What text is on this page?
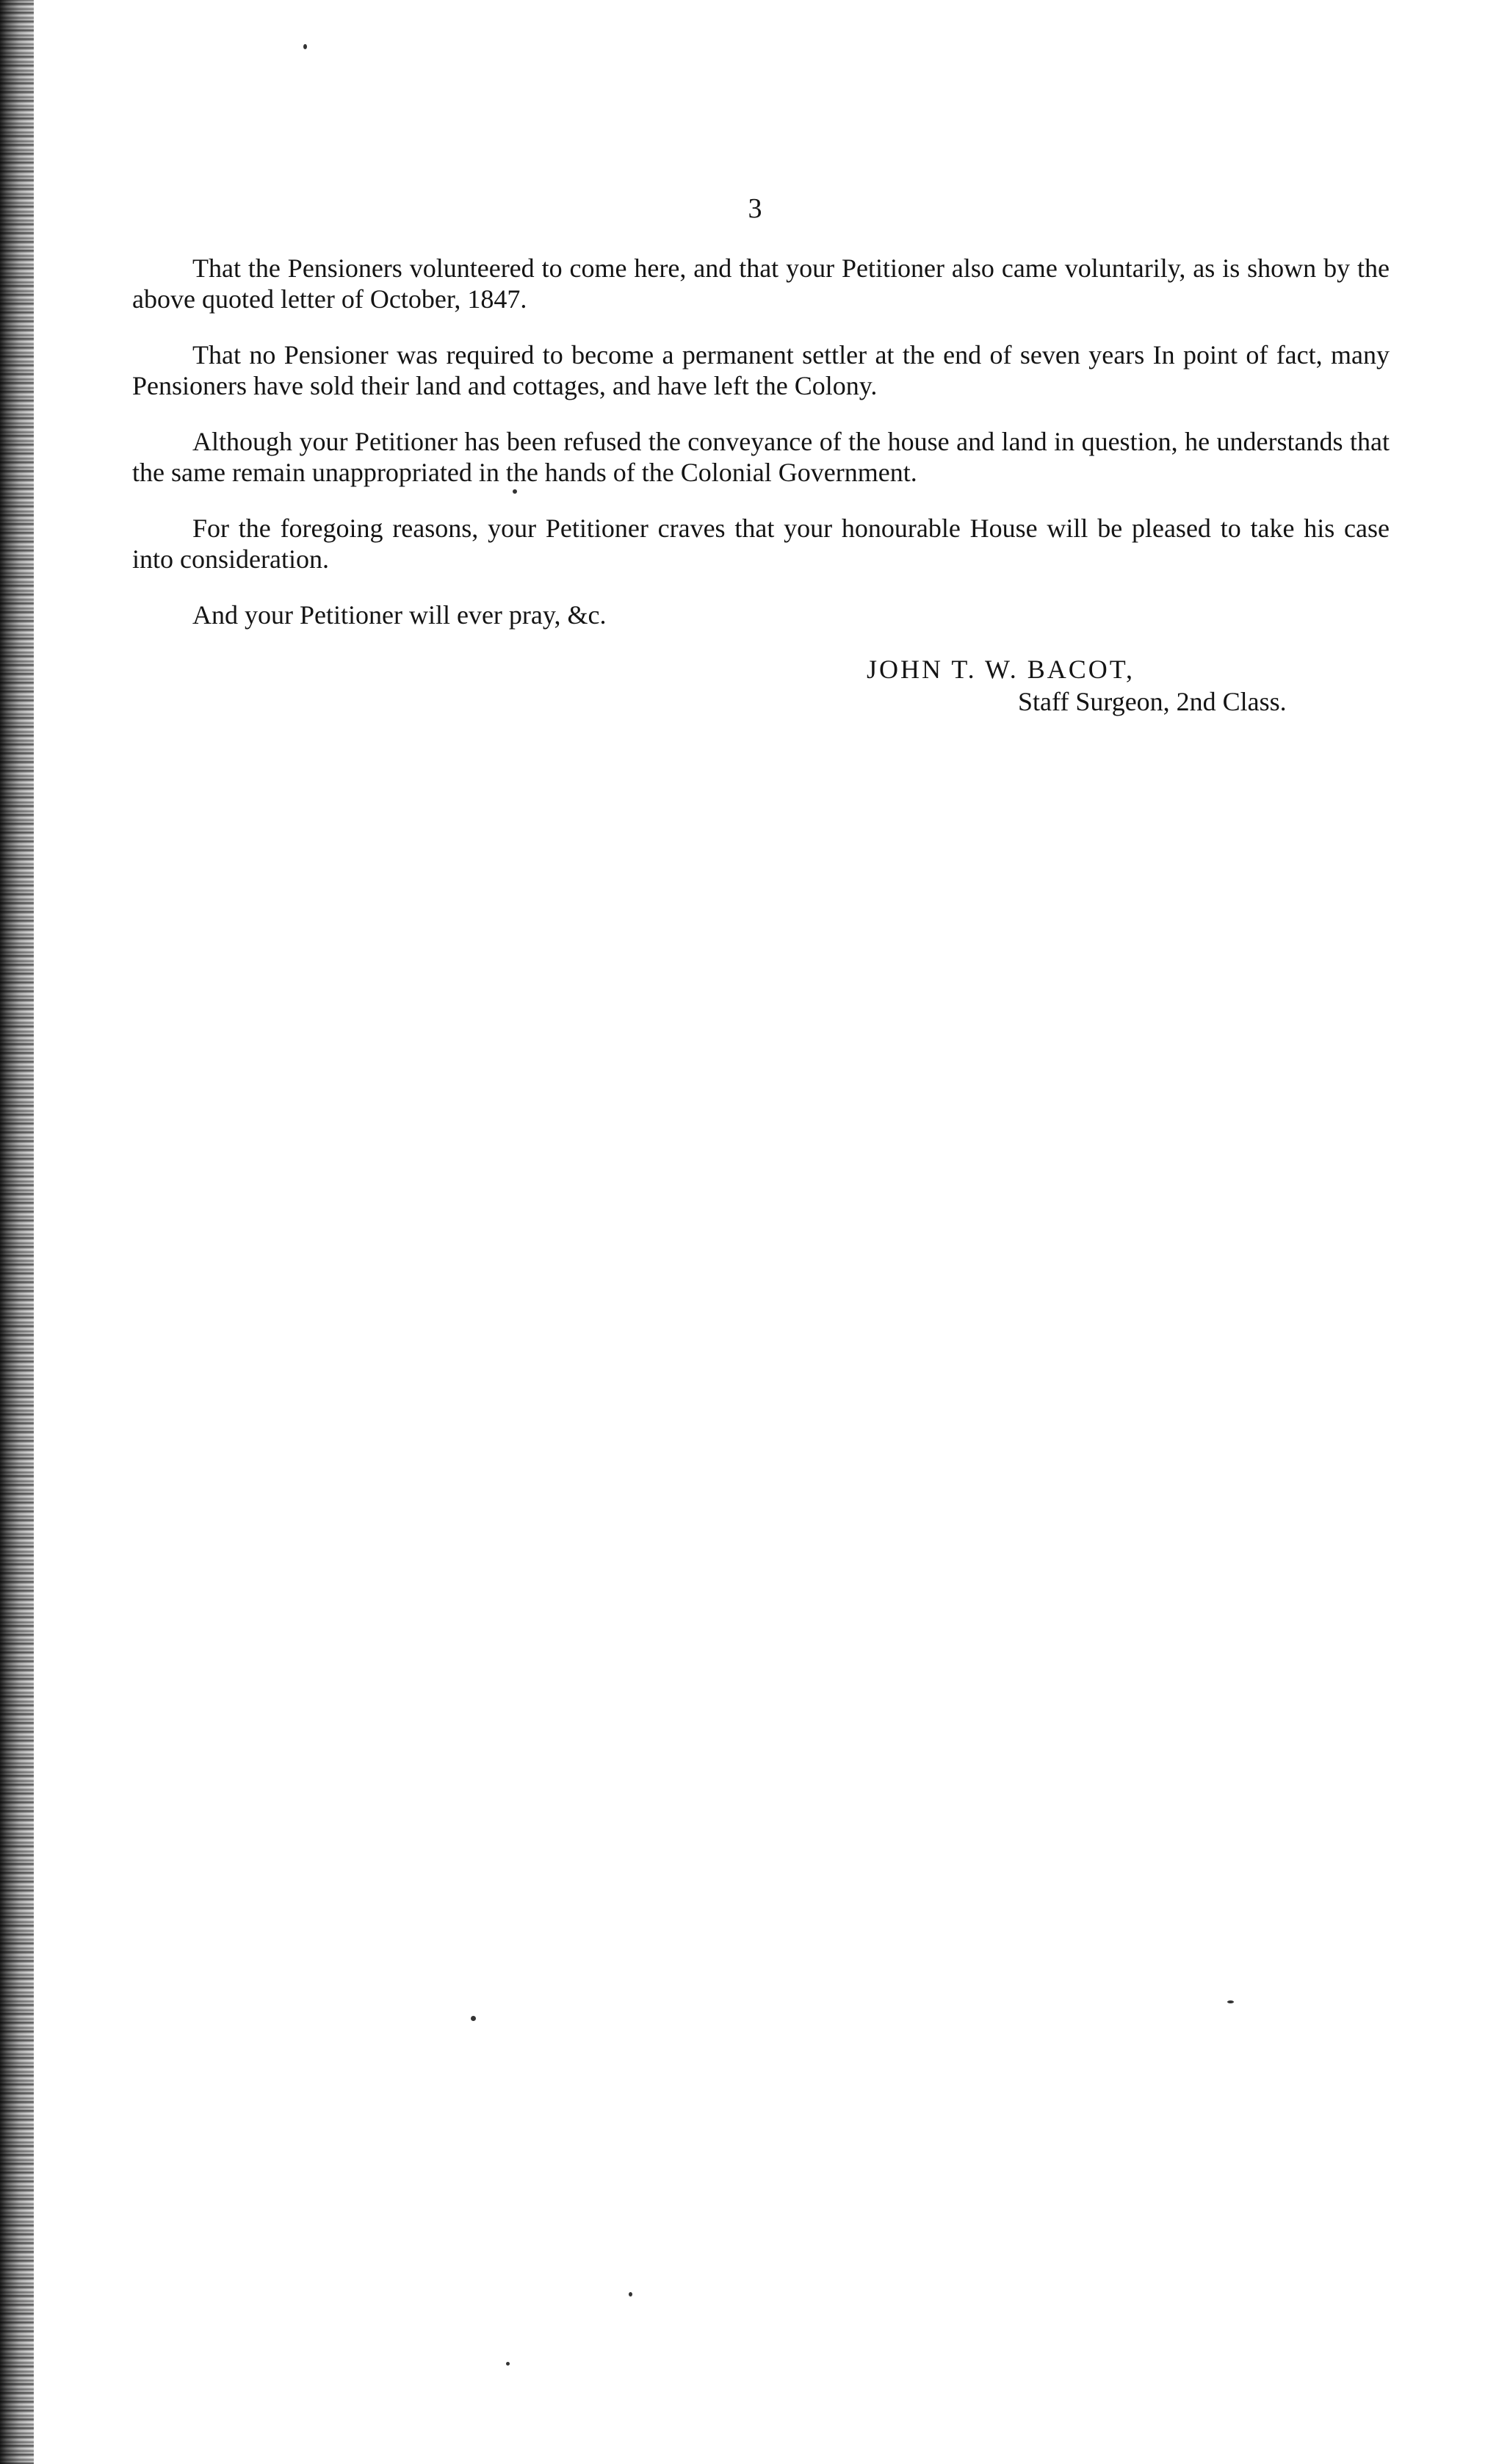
3

That the Pensioners volunteered to come here, and that your Petitioner also came voluntarily, as is shown by the above quoted letter of October, 1847.

That no Pensioner was required to become a permanent settler at the end of seven years In point of fact, many Pensioners have sold their land and cottages, and have left the Colony.

Although your Petitioner has been refused the conveyance of the house and land in question, he understands that the same remain unappropriated in the hands of the Colonial Government.

For the foregoing reasons, your Petitioner craves that your honourable House will be pleased to take his case into consideration.

And your Petitioner will ever pray, &c.

JOHN T. W. BACOT,
Staff Surgeon, 2nd Class.
